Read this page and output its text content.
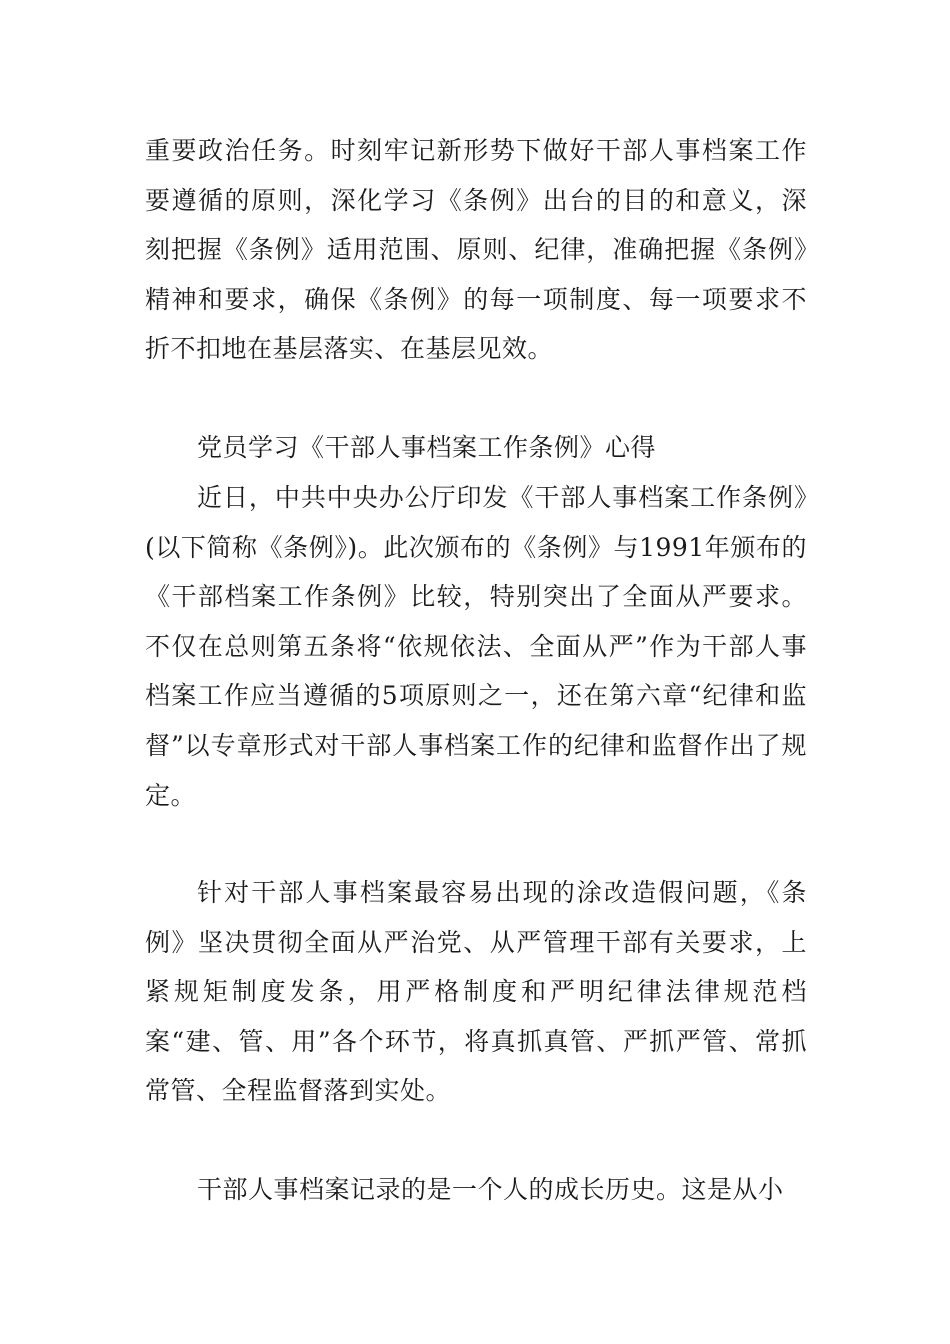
重要政治任务。时刻牢记新形势下做好干部人事档案工作要遵循的原则，深化学习《条例》出台的目的和意义，深刻把握《条例》适用范围、原则、纪律，准确把握《条例》精神和要求，确保《条例》的每一项制度、每一项要求不折不扣地在基层落实、在基层见效。

党员学习《干部人事档案工作条例》心得

近日，中共中央办公厅印发《干部人事档案工作条例》(以下简称《条例》)。此次颁布的《条例》与1991年颁布的《干部档案工作条例》比较，特别突出了全面从严要求。不仅在总则第五条将“依规依法、全面从严”作为干部人事档案工作应当遵循的5项原则之一，还在第六章“纪律和监督”以专章形式对干部人事档案工作的纪律和监督作出了规定。

针对干部人事档案最容易出现的涂改造假问题，《条例》坚决贯彻全面从严治党、从严管理干部有关要求，上紧规矩制度发条，用严格制度和严明纪律法律规范档案“建、管、用”各个环节，将真抓真管、严抓严管、常抓常管、全程监督落到实处。

干部人事档案记录的是一个人的成长历史。这是从小
